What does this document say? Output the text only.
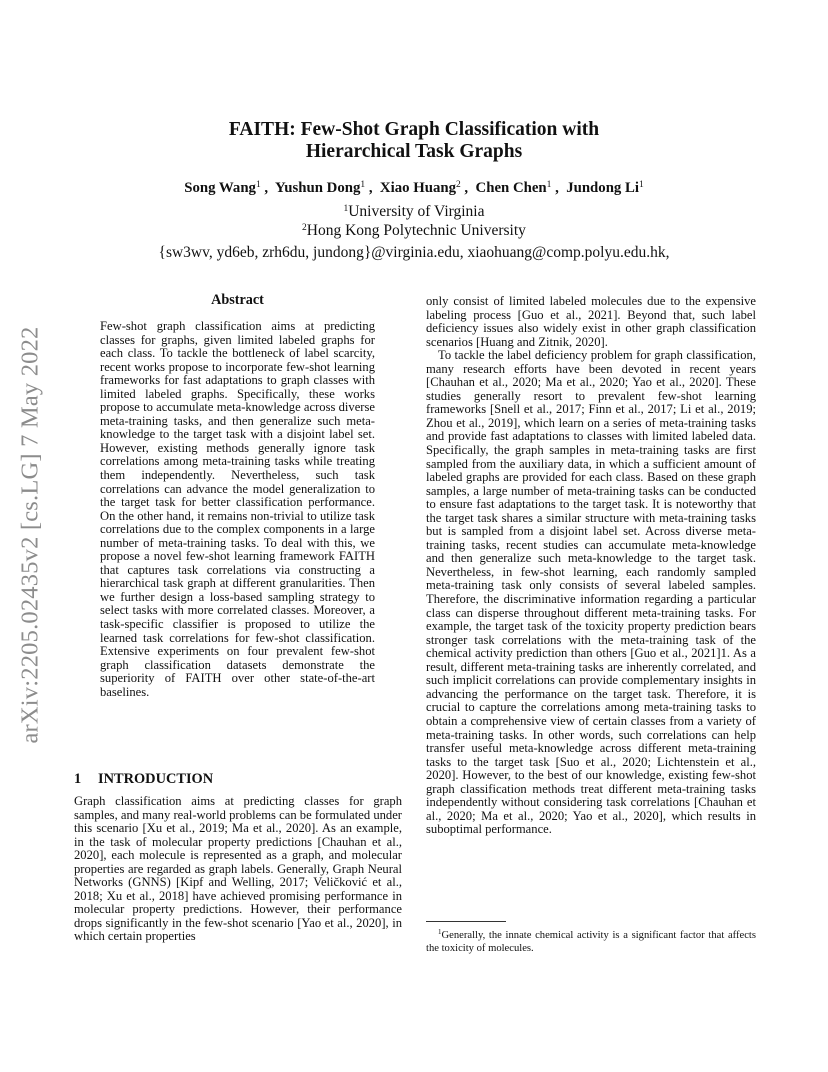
arXiv:2205.02435v2 [cs.LG] 7 May 2022
FAITH: Few-Shot Graph Classification with
Hierarchical Task Graphs
Song Wang$^1$ ,  Yushun Dong$^1$ ,  Xiao Huang$^2$ ,  Chen Chen$^1$ ,  Jundong Li$^1$
$^1$University of Virginia
$^2$Hong Kong Polytechnic University
{sw3wv, yd6eb, zrh6du, jundong}@virginia.edu, xiaohuang@comp.polyu.edu.hk,
Abstract

Few-shot graph classification aims at predicting classes for graphs, given limited labeled graphs for each class. To tackle the bottleneck of label scarcity, recent works propose to incorporate few-shot learning frameworks for fast adaptations to graph classes with limited labeled graphs. Specifically, these works propose to accumulate meta-knowledge across diverse meta-training tasks, and then generalize such meta-knowledge to the target task with a disjoint label set. However, existing methods generally ignore task correlations among meta-training tasks while treating them independently. Nevertheless, such task correlations can advance the model generalization to the target task for better classification performance. On the other hand, it remains non-trivial to utilize task correlations due to the complex components in a large number of meta-training tasks. To deal with this, we propose a novel few-shot learning framework FAITH that captures task correlations via constructing a hierarchical task graph at different granularities. Then we further design a loss-based sampling strategy to select tasks with more correlated classes. Moreover, a task-specific classifier is proposed to utilize the learned task correlations for few-shot classification. Extensive experiments on four prevalent few-shot graph classification datasets demonstrate the superiority of FAITH over other state-of-the-art baselines.

1 INTRODUCTION

Graph classification aims at predicting classes for graph samples, and many real-world problems can be formulated under this scenario [Xu et al., 2019; Ma et al., 2020]. As an example, in the task of molecular property predictions [Chauhan et al., 2020], each molecule is represented as a graph, and molecular properties are regarded as graph labels. Generally, Graph Neural Networks (GNNS) [Kipf and Welling, 2017; Veličković et al., 2018; Xu et al., 2018] have achieved promising performance in molecular property predictions. However, their performance drops significantly in the few-shot scenario [Yao et al., 2020], in which certain properties

only consist of limited labeled molecules due to the expensive labeling process [Guo et al., 2021]. Beyond that, such label deficiency issues also widely exist in other graph classification scenarios [Huang and Zitnik, 2020].

To tackle the label deficiency problem for graph classification, many research efforts have been devoted in recent years [Chauhan et al., 2020; Ma et al., 2020; Yao et al., 2020]. These studies generally resort to prevalent few-shot learning frameworks [Snell et al., 2017; Finn et al., 2017; Li et al., 2019; Zhou et al., 2019], which learn on a series of meta-training tasks and provide fast adaptations to classes with limited labeled data. Specifically, the graph samples in meta-training tasks are first sampled from the auxiliary data, in which a sufficient amount of labeled graphs are provided for each class. Based on these graph samples, a large number of meta-training tasks can be conducted to ensure fast adaptations to the target task. It is noteworthy that the target task shares a similar structure with meta-training tasks but is sampled from a disjoint label set. Across diverse meta-training tasks, recent studies can accumulate meta-knowledge and then generalize such meta-knowledge to the target task. Nevertheless, in few-shot learning, each randomly sampled meta-training task only consists of several labeled samples. Therefore, the discriminative information regarding a particular class can disperse throughout different meta-training tasks. For example, the target task of the toxicity property prediction bears stronger task correlations with the meta-training task of the chemical activity prediction than others [Guo et al., 2021]1. As a result, different meta-training tasks are inherently correlated, and such implicit correlations can provide complementary insights in advancing the performance on the target task. Therefore, it is crucial to capture the correlations among meta-training tasks to obtain a comprehensive view of certain classes from a variety of meta-training tasks. In other words, such correlations can help transfer useful meta-knowledge across different meta-training tasks to the target task [Suo et al., 2020; Lichtenstein et al., 2020]. However, to the best of our knowledge, existing few-shot graph classification methods treat different meta-training tasks independently without considering task correlations [Chauhan et al., 2020; Ma et al., 2020; Yao et al., 2020], which results in suboptimal performance.

$^1$Generally, the innate chemical activity is a significant factor that affects the toxicity of molecules.
